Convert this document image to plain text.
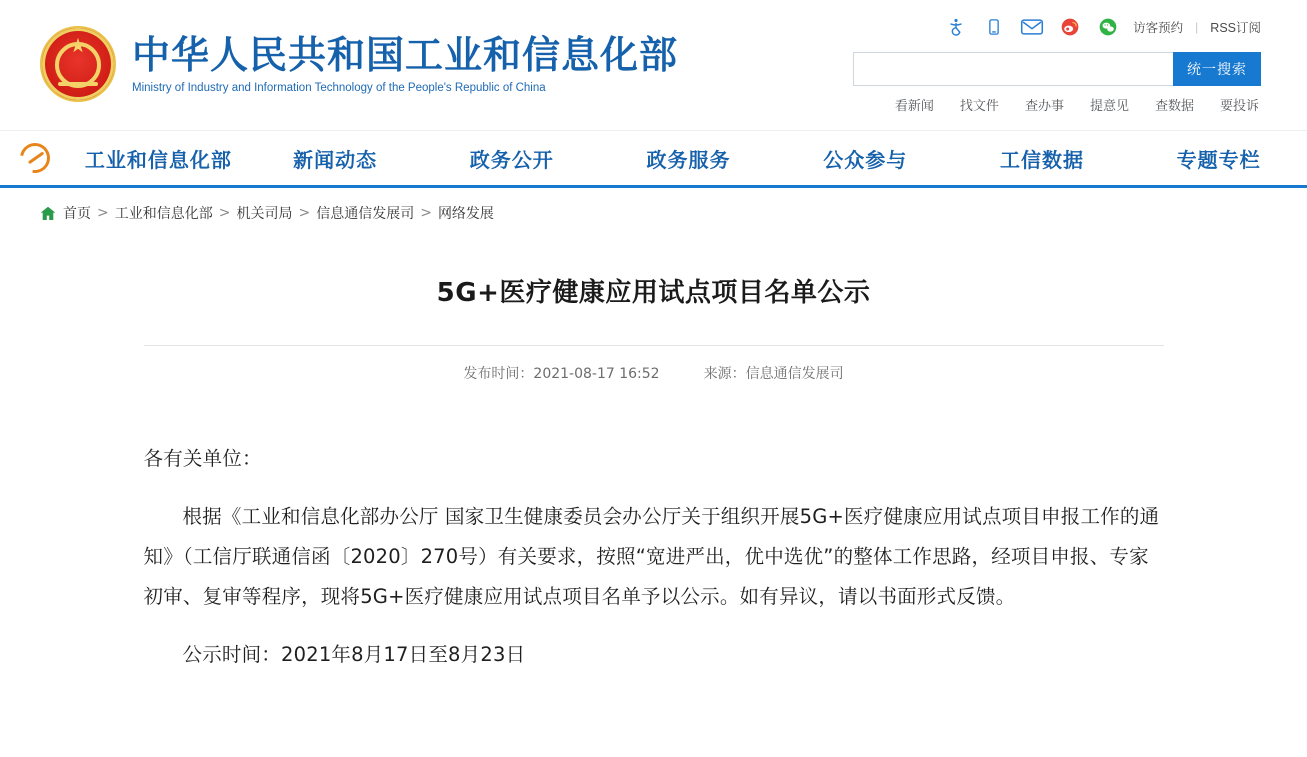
★ 中华人民共和国工业和信息化部
Ministry of Industry and Information Technology of the People's Republic of China
访客预约 | RSS订阅
统一搜索
看新闻 找文件 查办事 提意见 查数据 要投诉
工业和信息化部	新闻动态	政务公开	政务服务	公众参与	工信数据	专题专栏
首页 > 工业和信息化部 > 机关司局 > 信息通信发展司 > 网络发展
5G+医疗健康应用试点项目名单公示
发布时间：2021-08-17 16:52	来源：信息通信发展司

各有关单位：

根据《工业和信息化部办公厅 国家卫生健康委员会办公厅关于组织开展5G+医疗健康应用试点项目申报工作的通知》（工信厅联通信函〔2020〕270号）有关要求，按照“宽进严出，优中选优”的整体工作思路，经项目申报、专家初审、复审等程序，现将5G+医疗健康应用试点项目名单予以公示。如有异议，请以书面形式反馈。

公示时间：2021年8月17日至8月23日
